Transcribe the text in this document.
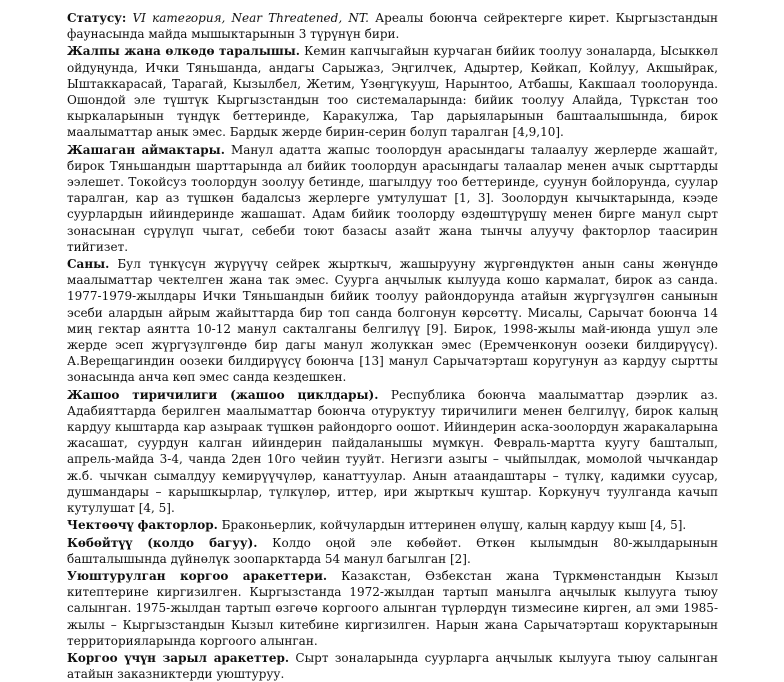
Статусу: VI категория, Near Threatened, NT. Ареалы боюнча сейректерге кирет. Кыргызстандын фаунасында майда мышыктарынын 3 түрүнүн бири.

Жалпы жана өлкөдө таралышы. Кемин капчыгайын курчаган бийик тоолуу зоналарда, Ысыккөл ойдуңунда, Ички Тяньшанда, андагы Сарыжаз, Эңгилчек, Адыртер, Көйкап, Койлуу, Акшыйрак, Ыштаккарасай, Тарагай, Кызылбел, Жетим, Үзөңгүкууш, Нарынтоо, Атбашы, Какшаал тоолорунда. Ошондой эле түштүк Кыргызстандын тоо системаларында: бийик тоолуу Алайда, Түркстан тоо кыркаларынын түндүк беттеринде, Каракулжа, Тар дарыяларынын баштаалышында, бирок маалыматтар анык эмес. Бардык жерде бирин-серин болуп таралган [4,9,10].

Жашаган аймактары. Манул адатта жапыс тоолордун арасындагы талаалуу жерлерде жашайт, бирок Тяньшандын шарттарында ал бийик тоолордун арасындагы талаалар менен ачык сырттарды ээлешет. Токойсуз тоолордун зоолуу бетинде, шагылдуу тоо беттеринде, суунун бойлорунда, суулар таралган, кар аз түшкөн бадалсыз жерлерге умтулушат [1, 3]. Зоолордун кычыктарында, кээде суурлардын ийиндеринде жашашат. Адам бийик тоолорду өздөштүрүшү менен бирге манул сырт зонасынан сүрүлүп чыгат, себеби тоют базасы азайт жана тынчы алуучу факторлор таасирин тийгизет.

Саны. Бул түнкүсүн жүрүүчү сейрек жырткыч, жашырууну жүргөндүктөн анын саны жөнүндө маалыматтар чектелген жана так эмес. Суурга аңчылык кылууда кошо кармалат, бирок аз санда. 1977-1979-жылдары Ички Тяньшандын бийик тоолуу райондорунда атайын жүргүзүлгөн санынын эсеби алардын айрым жайыттарда бир топ санда болгонун көрсөттү. Мисалы, Сарычат боюнча 14 миң гектар аянтта 10-12 манул сакталганы белгилүү [9]. Бирок, 1998-жылы май-июнда ушул эле жерде эсеп жүргүзүлгөндө бир дагы манул жолуккан эмес (Еремченконун оозеки билдирүүсү). А.Верещагиндин оозеки билдирүүсү боюнча [13] манул Сарычатэрташ коругунун аз кардуу сыртты зонасында анча көп эмес санда кездешкен.

Жашоо тиричилиги (жашоо циклдары). Республика боюнча маалыматтар дээрлик аз. Адабияттарда берилген маалыматтар боюнча отуруктуу тиричилиги менен белгилүү, бирок калың кардуу кыштарда кар азыраак түшкөн райондорго оошот. Ийиндерин аска-зоолордун жаракаларына жасашат, суурдун калган ийиндерин пайдаланышы мүмкүн. Февраль-мартта куугу башталып, апрель-майда 3-4, чанда 2ден 10го чейин тууйт. Негизги азыгы – чыйпылдак, момолой чычкандар ж.б. чычкан сымалдуу кемирүүчүлөр, канаттуулар. Анын атаандаштары – түлкү, кадимки суусар, душмандары – карышкырлар, түлкүлөр, иттер, ири жырткыч куштар. Коркунуч туулганда качып кутулушат [4, 5].

Чектөөчү факторлор. Браконьерлик, койчулардын иттеринен өлүшү, калың кардуу кыш [4, 5].

Көбөйтүү (колдо багуу). Колдо оңой эле көбөйөт. Өткөн кылымдын 80-жылдарынын башталышында дүйнөлүк зоопарктарда 54 манул багылган [2].

Уюштурулган коргоо аракеттери. Казакстан, Өзбекстан жана Түркмөнстандын Кызыл китептерине киргизилген. Кыргызстанда 1972-жылдан тартып манылга аңчылык кылууга тыюу салынган. 1975-жылдан тартып өзгөчө коргоого алынган түрлөрдүн тизмесине кирген, ал эми 1985-жылы – Кыргызстандын Кызыл китебине киргизилген. Нарын жана Сарычатэрташ коруктарынын территорияларында коргоого алынган.

Коргоо үчүн зарыл аракеттер. Сырт зоналарында суурларга аңчылык кылууга тыюу салынган атайын заказниктерди уюштуруу.
